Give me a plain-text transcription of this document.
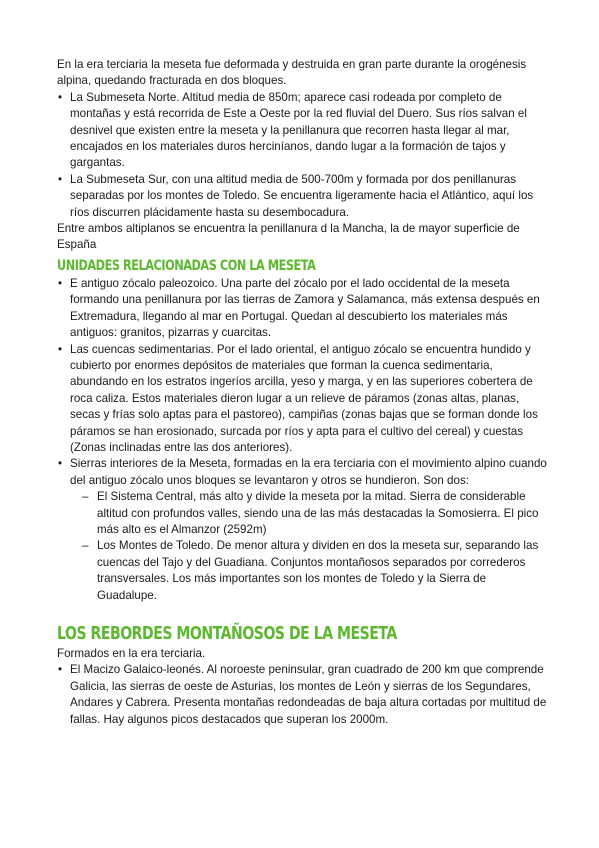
En la era terciaria la meseta fue deformada y destruida en gran parte durante la orogénesis alpina, quedando fracturada en dos bloques.

• La Submeseta Norte. Altitud media de 850m; aparece casi rodeada por completo de montañas y está recorrida de Este a Oeste por la red fluvial del Duero. Sus ríos salvan el desnivel que existen entre la meseta y la penillanura que recorren hasta llegar al mar, encajados en los materiales duros herciníanos, dando lugar a la formación de tajos y gargantas.
• La Submeseta Sur, con una altitud media de 500-700m y formada por dos penillanuras separadas por los montes de Toledo. Se encuentra ligeramente hacia el Atlántico, aquí los ríos discurren plácidamente hasta su desembocadura.

Entre ambos altiplanos se encuentra la penillanura d la Mancha, la de mayor superficie de España

UNIDADES RELACIONADAS CON LA MESETA
• E antiguo zócalo paleozoico. Una parte del zócalo por el lado occidental de la meseta formando una penillanura por las tierras de Zamora y Salamanca, más extensa después en Extremadura, llegando al mar en Portugal. Quedan al descubierto los materiales más antiguos: granitos, pizarras y cuarcitas.
• Las cuencas sedimentarias. Por el lado oriental, el antiguo zócalo se encuentra hundido y cubierto por enormes depósitos de materiales que forman la cuenca sedimentaria, abundando en los estratos ingeríos arcilla, yeso y marga, y en las superiores cobertera de roca caliza. Estos materiales dieron lugar a un relieve de páramos (zonas altas, planas, secas y frías solo aptas para el pastoreo), campiñas (zonas bajas que se forman donde los páramos se han erosionado, surcada por ríos y apta para el cultivo del cereal) y cuestas (Zonas inclinadas entre las dos anteriores).
• Sierras interiores de la Meseta, formadas en la era terciaria con el movimiento alpino cuando del antiguo zócalo unos bloques se levantaron y otros se hundieron. Son dos:
– El Sistema Central, más alto y divide la meseta por la mitad. Sierra de considerable altitud con profundos valles, siendo una de las más destacadas la Somosierra. El pico más alto es el Almanzor (2592m)
– Los Montes de Toledo. De menor altura y dividen en dos la meseta sur, separando las cuencas del Tajo y del Guadiana. Conjuntos montañosos separados por correderos transversales. Los más importantes son los montes de Toledo y la Sierra de Guadalupe.
LOS REBORDES MONTAÑOSOS DE LA MESETA

Formados en la era terciaria.

• El Macizo Galaico-leonés. Al noroeste peninsular, gran cuadrado de 200 km que comprende Galicia, las sierras de oeste de Asturias, los montes de León y sierras de los Segundares, Andares y Cabrera. Presenta montañas redondeadas de baja altura cortadas por multitud de fallas. Hay algunos picos destacados que superan los 2000m.
